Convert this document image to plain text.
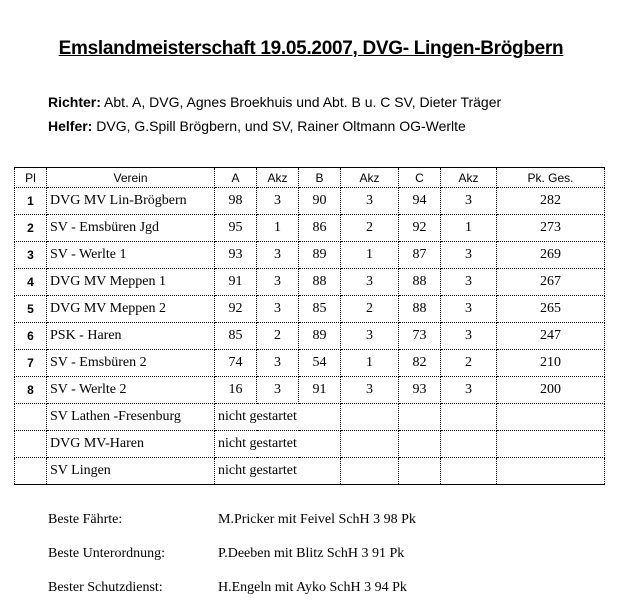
Emslandmeisterschaft 19.05.2007, DVG- Lingen-Brögbern
Richter: Abt. A, DVG, Agnes Broekhuis und Abt. B u. C SV, Dieter Träger
Helfer: DVG, G.Spill Brögbern, und SV, Rainer Oltmann OG-Werlte
Pl	Verein	A	Akz	B	Akz	C	Akz	Pk. Ges.
1	DVG MV Lin-Brögbern	98	3	90	3	94	3	282
2	SV - Emsbüren Jgd	95	1	86	2	92	1	273
3	SV - Werlte 1	93	3	89	1	87	3	269
4	DVG MV Meppen 1	91	3	88	3	88	3	267
5	DVG MV Meppen 2	92	3	85	2	88	3	265
6	PSK - Haren	85	2	89	3	73	3	247
7	SV - Emsbüren 2	74	3	54	1	82	2	210
8	SV - Werlte 2	16	3	91	3	93	3	200
	SV Lathen -Fresenburg	nicht gestartet						
	DVG MV-Haren	nicht gestartet						
	SV Lingen	nicht gestartet						
Beste Fährte:	M.Pricker mit Feivel SchH 3 98 Pk
Beste Unterordnung:	P.Deeben mit Blitz SchH 3 91 Pk
Bester Schutzdienst:	H.Engeln mit Ayko SchH 3 94 Pk
